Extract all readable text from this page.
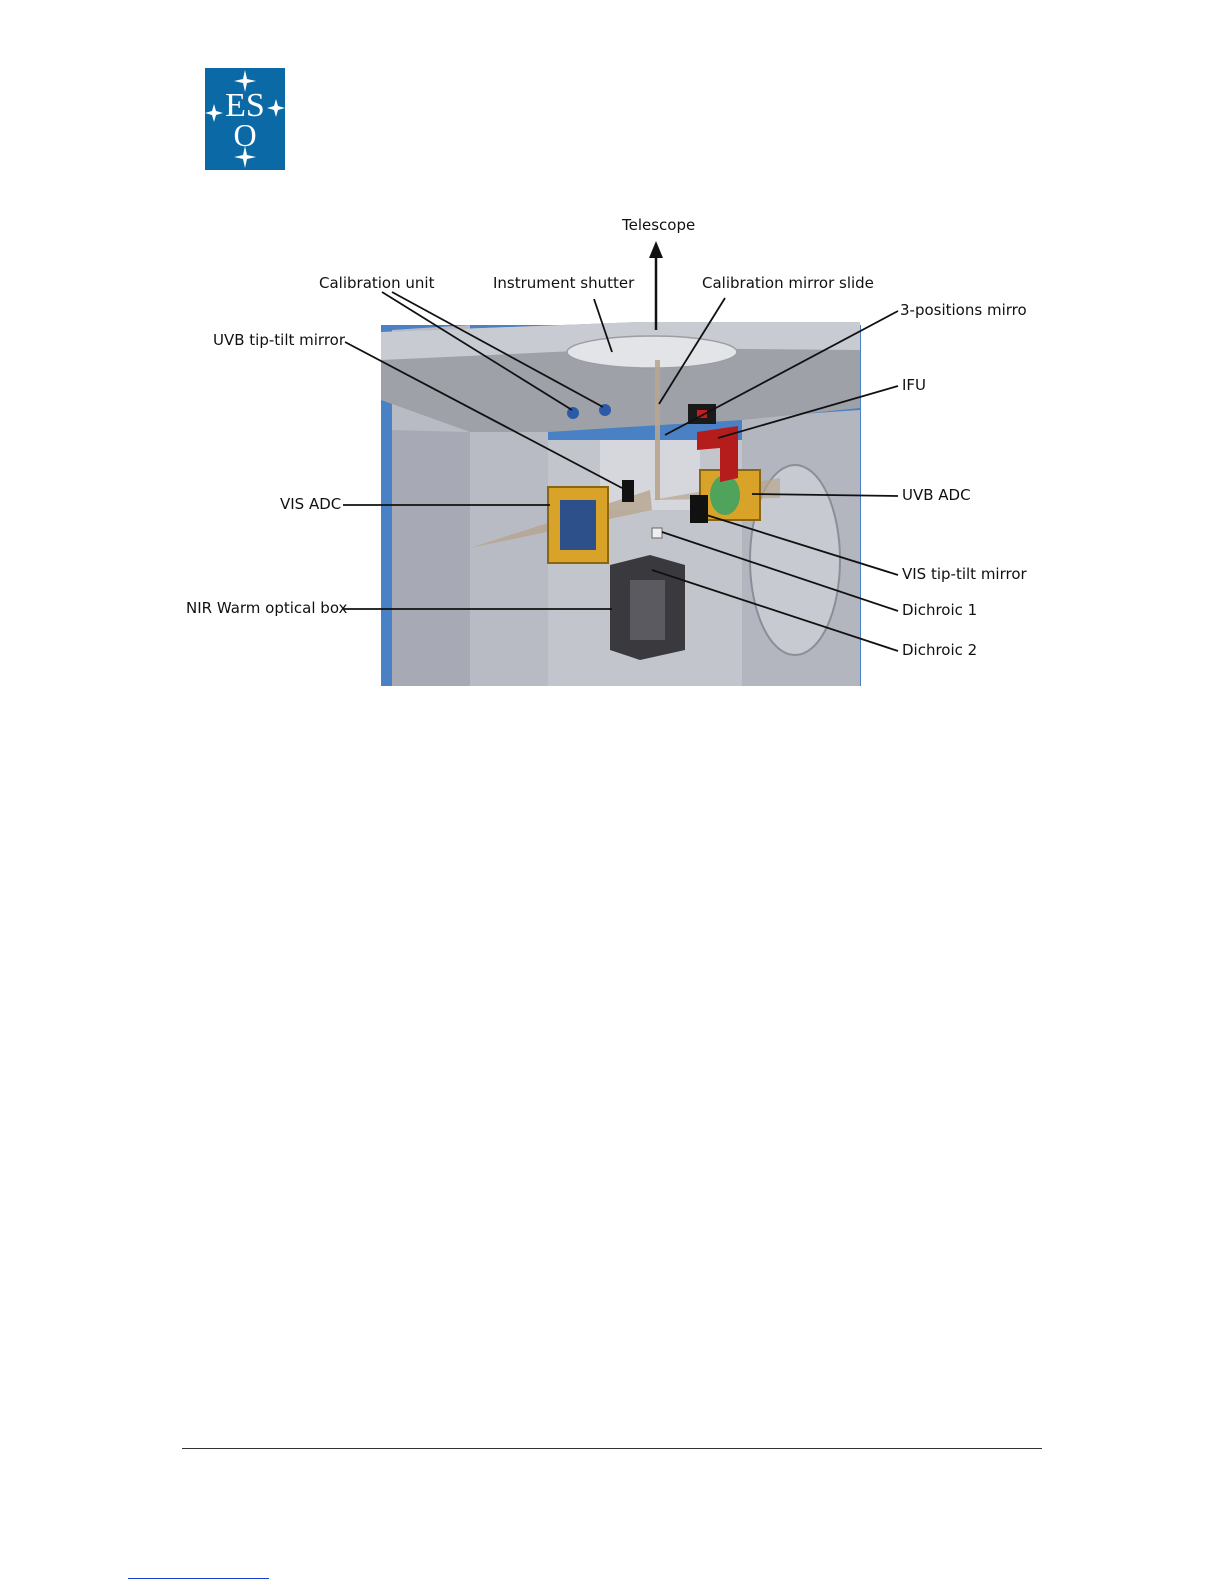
ES
O
Telescope
Calibration unit	Instrument shutter	Calibration mirror slide
3-positions mirro
UVB tip-tilt mirror
IFU
VIS ADC	UVB ADC
VIS tip-tilt mirror
Dichroic 1
NIR Warm optical box
Dichroic 2
